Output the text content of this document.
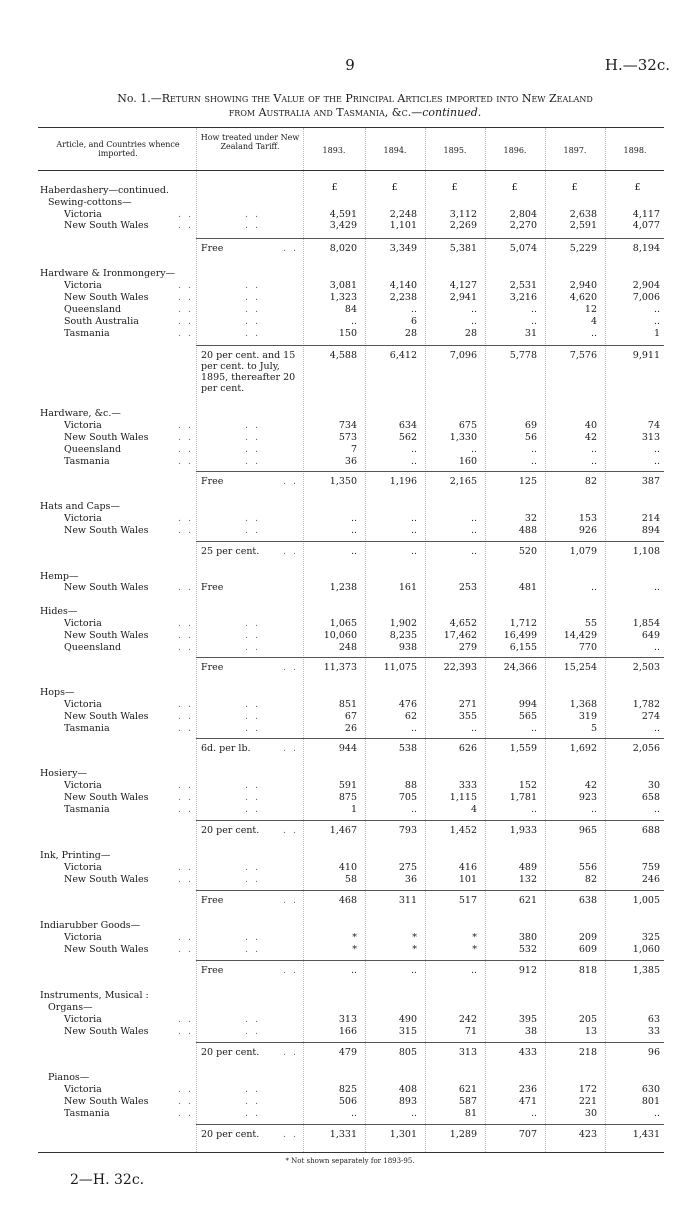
9	H.—32c.
No. 1.—Return showing the Value of the Principal Articles imported into New Zealand
from Australia and Tasmania, &c.—continued.
Article, and Countries whence imported.
How treated under New Zealand Tariff.	1893.	1894.	1895.	1896.	1897.	1898.
£	£	£	£	£	£
Haberdashery—continued.
Sewing-cottons—
Victoria	. .	. .	4,591	2,248	3,112	2,804	2,638	4,117
New South Wales	. .	. .	3,429	1,101	2,269	2,270	2,591	4,077
Free	. .	8,020	3,349	5,381	5,074	5,229	8,194
Hardware & Ironmongery—
Victoria	. .	. .	3,081	4,140	4,127	2,531	2,940	2,904
New South Wales	. .	. .	1,323	2,238	2,941	3,216	4,620	7,006
Queensland	. .	. .	84	..	..	..	12	..
South Australia	. .	. .	..	6	..	..	4	..
Tasmania	. .	. .	150	28	28	31	..	1
20 per cent. and 15 per cent. to July, 1895, thereafter 20 per cent.
4,588	6,412	7,096	5,778	7,576	9,911
Hardware, &c.—
Victoria	. .	. .	734	634	675	69	40	74
New South Wales	. .	. .	573	562	1,330	56	42	313
Queensland	. .	. .	7	..	..	..	..	..
Tasmania	. .	. .	36	..	160	..	..	..
Free	. .	1,350	1,196	2,165	125	82	387
Hats and Caps—
Victoria	. .	. .	..	..	..	32	153	214
New South Wales	. .	. .	..	..	..	488	926	894
25 per cent. . .	..	..	..	520	1,079	1,108
Hemp—
New South Wales	. . Free	1,238	161	253	481	..	..
Hides—
Victoria	. .	. .	1,065	1,902	4,652	1,712	55	1,854
New South Wales	. .	. .	10,060	8,235	17,462	16,499	14,429	649
Queensland	. .	. .	248	938	279	6,155	770	..
Free	. .	11,373	11,075	22,393	24,366	15,254	2,503
Hops—
Victoria	. .	. .	851	476	271	994	1,368	1,782
New South Wales	. .	. .	67	62	355	565	319	274
Tasmania	. .	. .	26	..	..	..	5	..
6d. per lb.	. .	944	538	626	1,559	1,692	2,056
Hosiery—
Victoria	. .	. .	591	88	333	152	42	30
New South Wales	. .	. .	875	705	1,115	1,781	923	658
Tasmania	. .	. .	1	..	4	..	..	..
20 per cent. . .	1,467	793	1,452	1,933	965	688
Ink, Printing—
Victoria	. .	. .	410	275	416	489	556	759
New South Wales	. .	. .	58	36	101	132	82	246
Free	. .	468	311	517	621	638	1,005
Indiarubber Goods—
Victoria	. .	. .	*	*	*	380	209	325
New South Wales	. .	. .	*	*	*	532	609	1,060
Free	. .	..	..	..	912	818	1,385
Instruments, Musical :
Organs—
Victoria	. .	. .	313	490	242	395	205	63
New South Wales	. .	. .	166	315	71	38	13	33
20 per cent. . .	479	805	313	433	218	96
Pianos—
Victoria	. .	. .	825	408	621	236	172	630
New South Wales	. .	. .	506	893	587	471	221	801
Tasmania	. .	. .	..	..	81	..	30	..
20 per cent. . .	1,331	1,301	1,289	707	423	1,431
* Not shown separately for 1893-95.
2—H. 32c.
